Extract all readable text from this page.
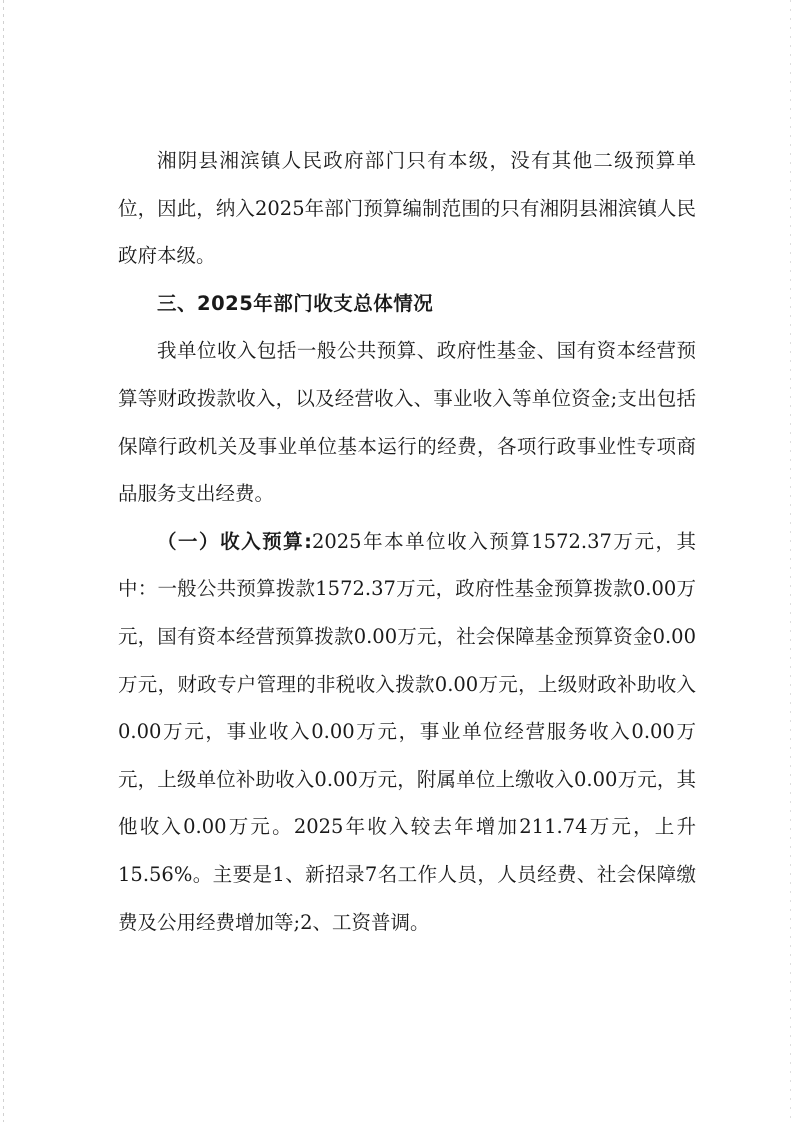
湘阴县湘滨镇人民政府部门只有本级，没有其他二级预算单位，因此，纳入2025年部门预算编制范围的只有湘阴县湘滨镇人民政府本级。

三、2025年部门收支总体情况

我单位收入包括一般公共预算、政府性基金、国有资本经营预算等财政拨款收入，以及经营收入、事业收入等单位资金;支出包括保障行政机关及事业单位基本运行的经费，各项行政事业性专项商品服务支出经费。

（一）收入预算:2025年本单位收入预算1572.37万元，其中：一般公共预算拨款1572.37万元，政府性基金预算拨款0.00万元，国有资本经营预算拨款0.00万元，社会保障基金预算资金0.00万元，财政专户管理的非税收入拨款0.00万元，上级财政补助收入0.00万元，事业收入0.00万元，事业单位经营服务收入0.00万元，上级单位补助收入0.00万元，附属单位上缴收入0.00万元，其他收入0.00万元。2025年收入较去年增加211.74万元，上升15.56%。主要是1、新招录7名工作人员，人员经费、社会保障缴费及公用经费增加等;2、工资普调。
